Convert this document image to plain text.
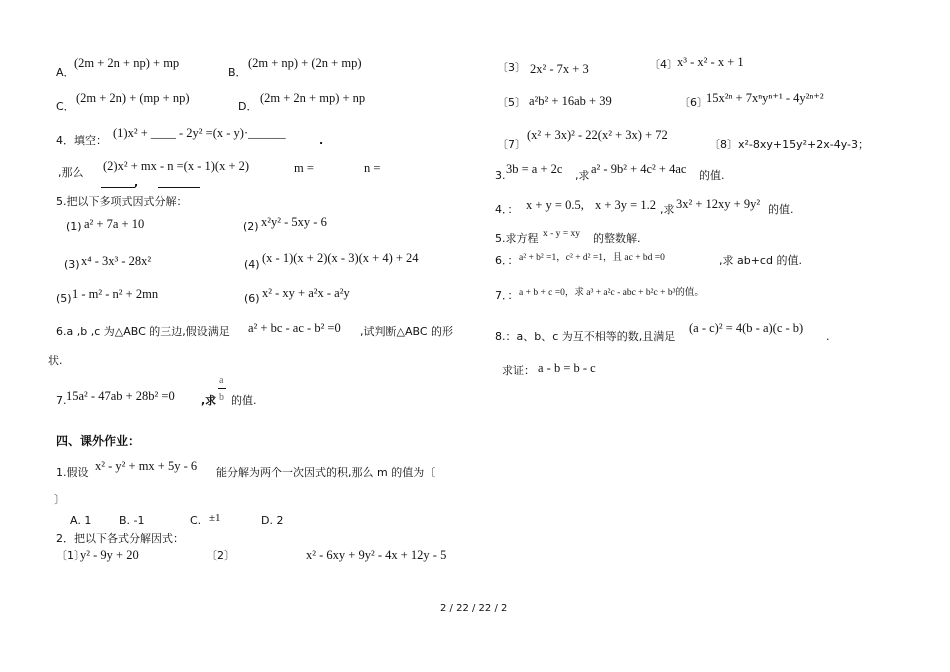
A．
(2m + 2n + np) + mp
B．
(2m + np) + (2n + mp)
C．
(2m + 2n) + (mp + np)
D．
(2m + 2n + mp) + np
4．填空：
(1)x² + ____ - 2y² =(x - y)·______
.
,那么 (2)x² + mx - n =(x - 1)(x + 2)	m =	n =
,
5.把以下多项式因式分解：
(1) a² + 7a + 10	(2) x²y² - 5xy - 6
(3) x⁴ - 3x³ - 28x²	(4) (x - 1)(x + 2)(x - 3)(x + 4) + 24
(5) 1 - m² - n² + 2mn	(6) x² - xy + a²x - a²y
6.a ,b ,c 为△ABC 的三边,假设满足 a² + bc - ac - b² =0 ,试判断△ABC 的形
状.
7. 15a² - 47ab + 28b² =0 ,求
a
b 的值.
四、课外作业：
1.假设 x² - y² + mx + 5y - 6 能分解为两个一次因式的积,那么 m 的值为〔
〕
A. 1	B. -1	C. ±1	D. 2
2．把以下各式分解因式：
〔1〕
y² - 9y + 20	〔2〕	x² - 6xy + 9y² - 4x + 12y - 5
〔3〕 2x² - 7x + 3	〔4〕 x³ - x² - x + 1
〔5〕 a²b² + 16ab + 39	〔6〕
15x²ⁿ + 7xⁿyⁿ⁺¹ - 4y²ⁿ⁺²
〔7〕
(x² + 3x)² - 22(x² + 3x) + 72
〔8〕x²-8xy+15y²+2x-4y-3；
3. 3b = a + 2c ,求 a² - 9b² + 4c² + 4ac 的值.
4．： x + y = 0.5, x + 3y = 1.2 ,求 3x² + 12xy + 9y² 的值.
5.求方程 x - y = xy 的整数解.
6．： a² + b² =1，c² + d² =1，且 ac + bd =0	,求 ab+cd 的值.
7．： a + b + c =0，求 a³ + a²c - abc + b²c + b³的值。
8.：a、b、c 为互不相等的数,且满足
(a - c)² = 4(b - a)(c - b)
.
求证： a - b = b - c
2 / 22 / 22 / 2
